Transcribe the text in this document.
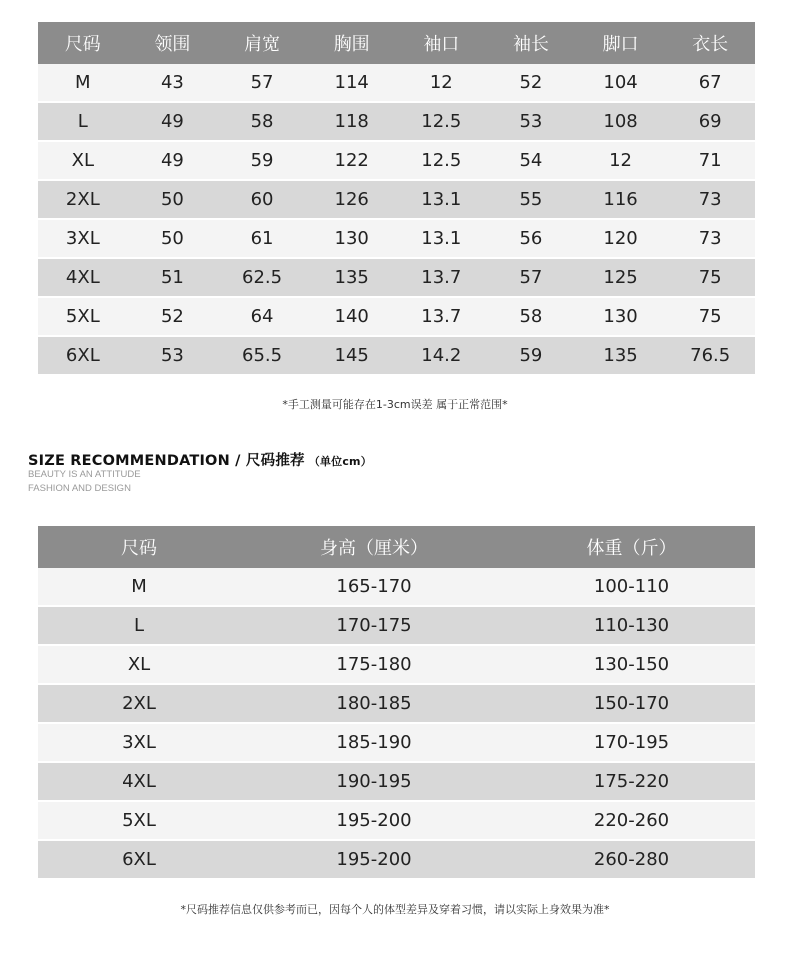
尺码	领围	肩宽	胸围	袖口	袖长	脚口	衣长
M	43	57	114	12	52	104	67
L	49	58	118	12.5	53	108	69
XL	49	59	122	12.5	54	12	71
2XL	50	60	126	13.1	55	116	73
3XL	50	61	130	13.1	56	120	73
4XL	51	62.5	135	13.7	57	125	75
5XL	52	64	140	13.7	58	130	75
6XL	53	65.5	145	14.2	59	135	76.5
*手工测量可能存在1-3cm误差 属于正常范围*
SIZE RECOMMENDATION / 尺码推荐 （单位cm）
BEAUTY IS AN ATTITUDE
FASHION AND DESIGN
尺码	身高（厘米）	体重（斤）
M	165-170	100-110
L	170-175	110-130
XL	175-180	130-150
2XL	180-185	150-170
3XL	185-190	170-195
4XL	190-195	175-220
5XL	195-200	220-260
6XL	195-200	260-280
*尺码推荐信息仅供参考而已，因每个人的体型差异及穿着习惯，请以实际上身效果为准*
